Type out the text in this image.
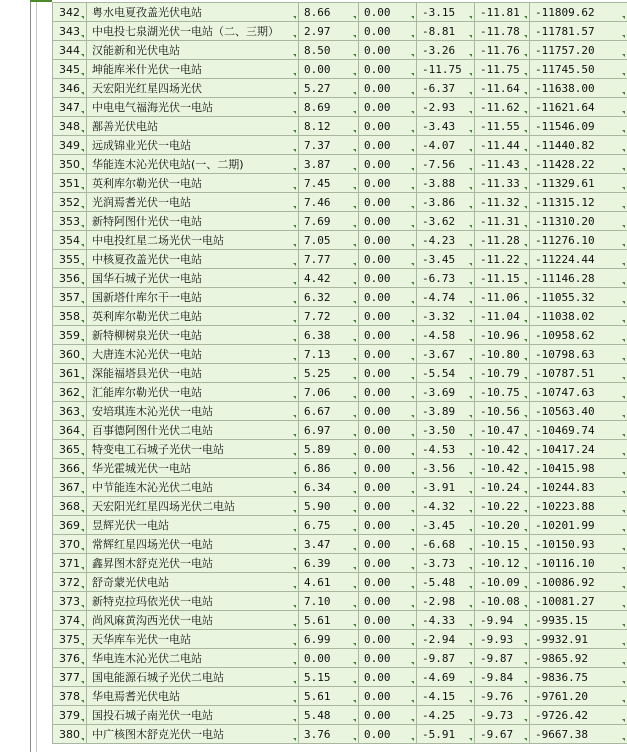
342	粤水电夏孜盖光伏电站	8.66	0.00	-3.15	-11.81	-11809.62

343	中电投七泉湖光伏一电站（二、三期）	2.97	0.00	-8.81	-11.78	-11781.57

344	汉能新和光伏电站	8.50	0.00	-3.26	-11.76	-11757.20

345	坤能库米什光伏一电站	0.00	0.00	-11.75	-11.75	-11745.50

346	天宏阳光红星四场光伏	5.27	0.00	-6.37	-11.64	-11638.00

347	中电电气福海光伏一电站	8.69	0.00	-2.93	-11.62	-11621.64

348	鄯善光伏电站	8.12	0.00	-3.43	-11.55	-11546.09

349	远成锦业光伏一电站	7.37	0.00	-4.07	-11.44	-11440.82

350	华能连木沁光伏电站(一、二期)	3.87	0.00	-7.56	-11.43	-11428.22

351	英利库尔勒光伏一电站	7.45	0.00	-3.88	-11.33	-11329.61

352	光润焉耆光伏一电站	7.46	0.00	-3.86	-11.32	-11315.12

353	新特阿图什光伏一电站	7.69	0.00	-3.62	-11.31	-11310.20

354	中电投红星二场光伏一电站	7.05	0.00	-4.23	-11.28	-11276.10

355	中核夏孜盖光伏一电站	7.77	0.00	-3.45	-11.22	-11224.44

356	国华石城子光伏一电站	4.42	0.00	-6.73	-11.15	-11146.28

357	国新塔什库尔干一电站	6.32	0.00	-4.74	-11.06	-11055.32

358	英利库尔勒光伏二电站	7.72	0.00	-3.32	-11.04	-11038.02

359	新特柳树泉光伏一电站	6.38	0.00	-4.58	-10.96	-10958.62

360	大唐连木沁光伏一电站	7.13	0.00	-3.67	-10.80	-10798.63

361	深能福塔县光伏一电站	5.25	0.00	-5.54	-10.79	-10787.51

362	汇能库尔勒光伏一电站	7.06	0.00	-3.69	-10.75	-10747.63

363	安培琪连木沁光伏一电站	6.67	0.00	-3.89	-10.56	-10563.40

364	百事德阿图什光伏二电站	6.97	0.00	-3.50	-10.47	-10469.74

365	特变电工石城子光伏一电站	5.89	0.00	-4.53	-10.42	-10417.24

366	华光霍城光伏一电站	6.86	0.00	-3.56	-10.42	-10415.98

367	中节能连木沁光伏二电站	6.34	0.00	-3.91	-10.24	-10244.83

368	天宏阳光红星四场光伏二电站	5.90	0.00	-4.32	-10.22	-10223.88

369	昱辉光伏一电站	6.75	0.00	-3.45	-10.20	-10201.99

370	常辉红星四场光伏一电站	3.47	0.00	-6.68	-10.15	-10150.93

371	鑫昇图木舒克光伏一电站	6.39	0.00	-3.73	-10.12	-10116.10

372	舒奇蒙光伏电站	4.61	0.00	-5.48	-10.09	-10086.92

373	新特克拉玛依光伏一电站	7.10	0.00	-2.98	-10.08	-10081.27

374	尚风麻黄沟西光伏一电站	5.61	0.00	-4.33	-9.94	-9935.15

375	天华库车光伏一电站	6.99	0.00	-2.94	-9.93	-9932.91

376	华电连木沁光伏二电站	0.00	0.00	-9.87	-9.87	-9865.92

377	国电能源石城子光伏二电站	5.15	0.00	-4.69	-9.84	-9836.75

378	华电焉耆光伏电站	5.61	0.00	-4.15	-9.76	-9761.20

379	国投石城子南光伏一电站	5.48	0.00	-4.25	-9.73	-9726.42

380	中广核图木舒克光伏一电站	3.76	0.00	-5.91	-9.67	-9667.38
